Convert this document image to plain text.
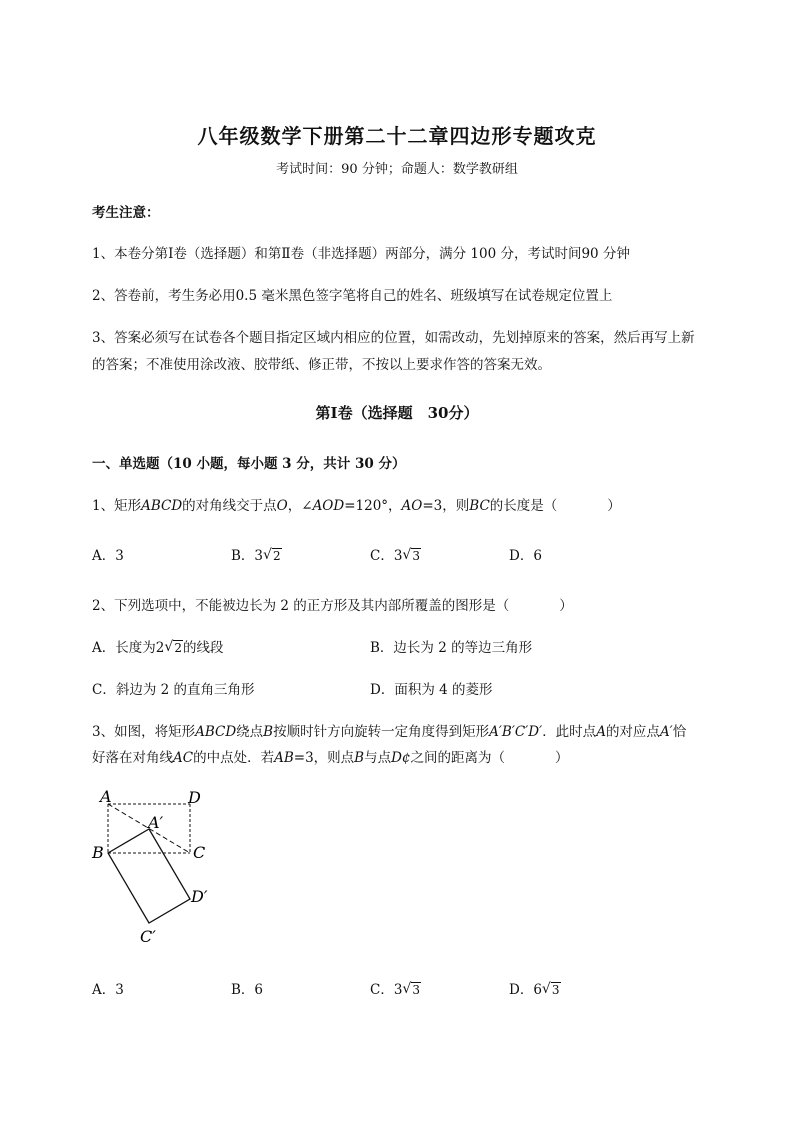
八年级数学下册第二十二章四边形专题攻克
考试时间：90 分钟；命题人：数学教研组
考生注意：
1、本卷分第Ⅰ卷（选择题）和第Ⅱ卷（非选择题）两部分，满分 100 分，考试时间90 分钟
2、答卷前，考生务必用0.5 毫米黑色签字笔将自己的姓名、班级填写在试卷规定位置上
3、答案必须写在试卷各个题目指定区域内相应的位置，如需改动，先划掉原来的答案，然后再写上新
的答案；不准使用涂改液、胶带纸、修正带，不按以上要求作答的答案无效。
第Ⅰ卷（选择题　30分）
一、单选题（10 小题，每小题 3 分，共计 30 分）
1、矩形ABCD的对角线交于点O，∠AOD=120°，AO=3，则BC的长度是（	）
A．3	B．3 √ 2	C．3 √ 3	D．6
2、下列选项中，不能被边长为 2 的正方形及其内部所覆盖的图形是（	）
A．长度为2 √ 2的线段	B．边长为 2 的等边三角形
C．斜边为 2 的直角三角形	D．面积为 4 的菱形
3、如图，将矩形ABCD绕点B按顺时针方向旋转一定角度得到矩形A′B′C′D′．此时点A的对应点A′恰
好落在对角线AC的中点处．若AB=3，则点B与点D¢之间的距离为（	）
A	D
A′
B	C
D′
C′
A．3	B．6	C．3 √ 3	D．6 √ 3
